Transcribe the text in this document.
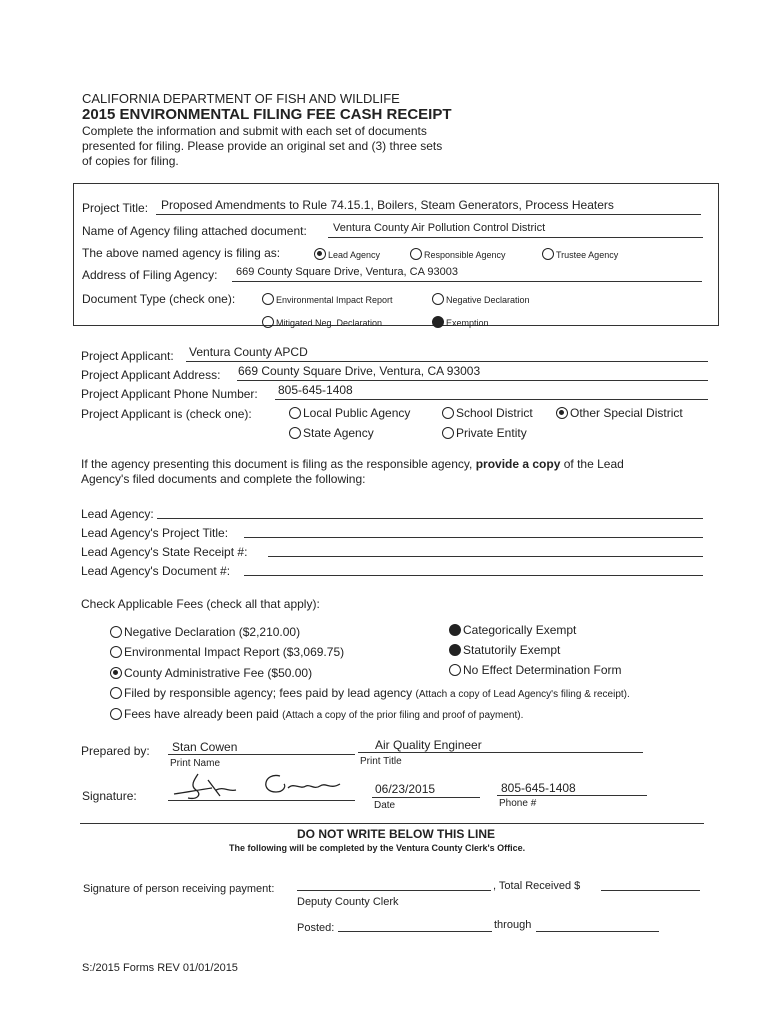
CALIFORNIA DEPARTMENT OF FISH AND WILDLIFE
2015 ENVIRONMENTAL FILING FEE CASH RECEIPT
Complete the information and submit with each set of documents
presented for filing. Please provide an original set and (3) three sets
of copies for filing.
Project Title: Proposed Amendments to Rule 74.15.1, Boilers, Steam Generators, Process Heaters
Name of Agency filing attached document: Ventura County Air Pollution Control District
The above named agency is filing as:	Lead Agency	Responsible Agency	Trustee Agency
Address of Filing Agency: 669 County Square Drive, Ventura, CA 93003
Document Type (check one):	Environmental Impact Report	Negative Declaration
Mitigated Neg. Declaration	Exemption
Project Applicant: Ventura County APCD
Project Applicant Address: 669 County Square Drive, Ventura, CA 93003
Project Applicant Phone Number: 805-645-1408
Project Applicant is (check one):	Local Public Agency	School District	Other Special District
State Agency	Private Entity
If the agency presenting this document is filing as the responsible agency, provide a copy of the Lead
Agency's filed documents and complete the following:
Lead Agency:
Lead Agency's Project Title:
Lead Agency's State Receipt #:
Lead Agency's Document #:
Check Applicable Fees (check all that apply):
Negative Declaration ($2,210.00)
Environmental Impact Report ($3,069.75)
County Administrative Fee ($50.00)
Filed by responsible agency; fees paid by lead agency (Attach a copy of Lead Agency's filing & receipt).
Fees have already been paid (Attach a copy of the prior filing and proof of payment).
Categorically Exempt
Statutorily Exempt
No Effect Determination Form
Prepared by: Stan Cowen
Print Name
Air Quality Engineer
Print Title
Signature:	06/23/2015
Date
805-645-1408
Phone #
DO NOT WRITE BELOW THIS LINE
The following will be completed by the Ventura County Clerk's Office.
Signature of person receiving payment:	, Total Received $
Deputy County Clerk
Posted:	through
S:/2015 Forms REV 01/01/2015
